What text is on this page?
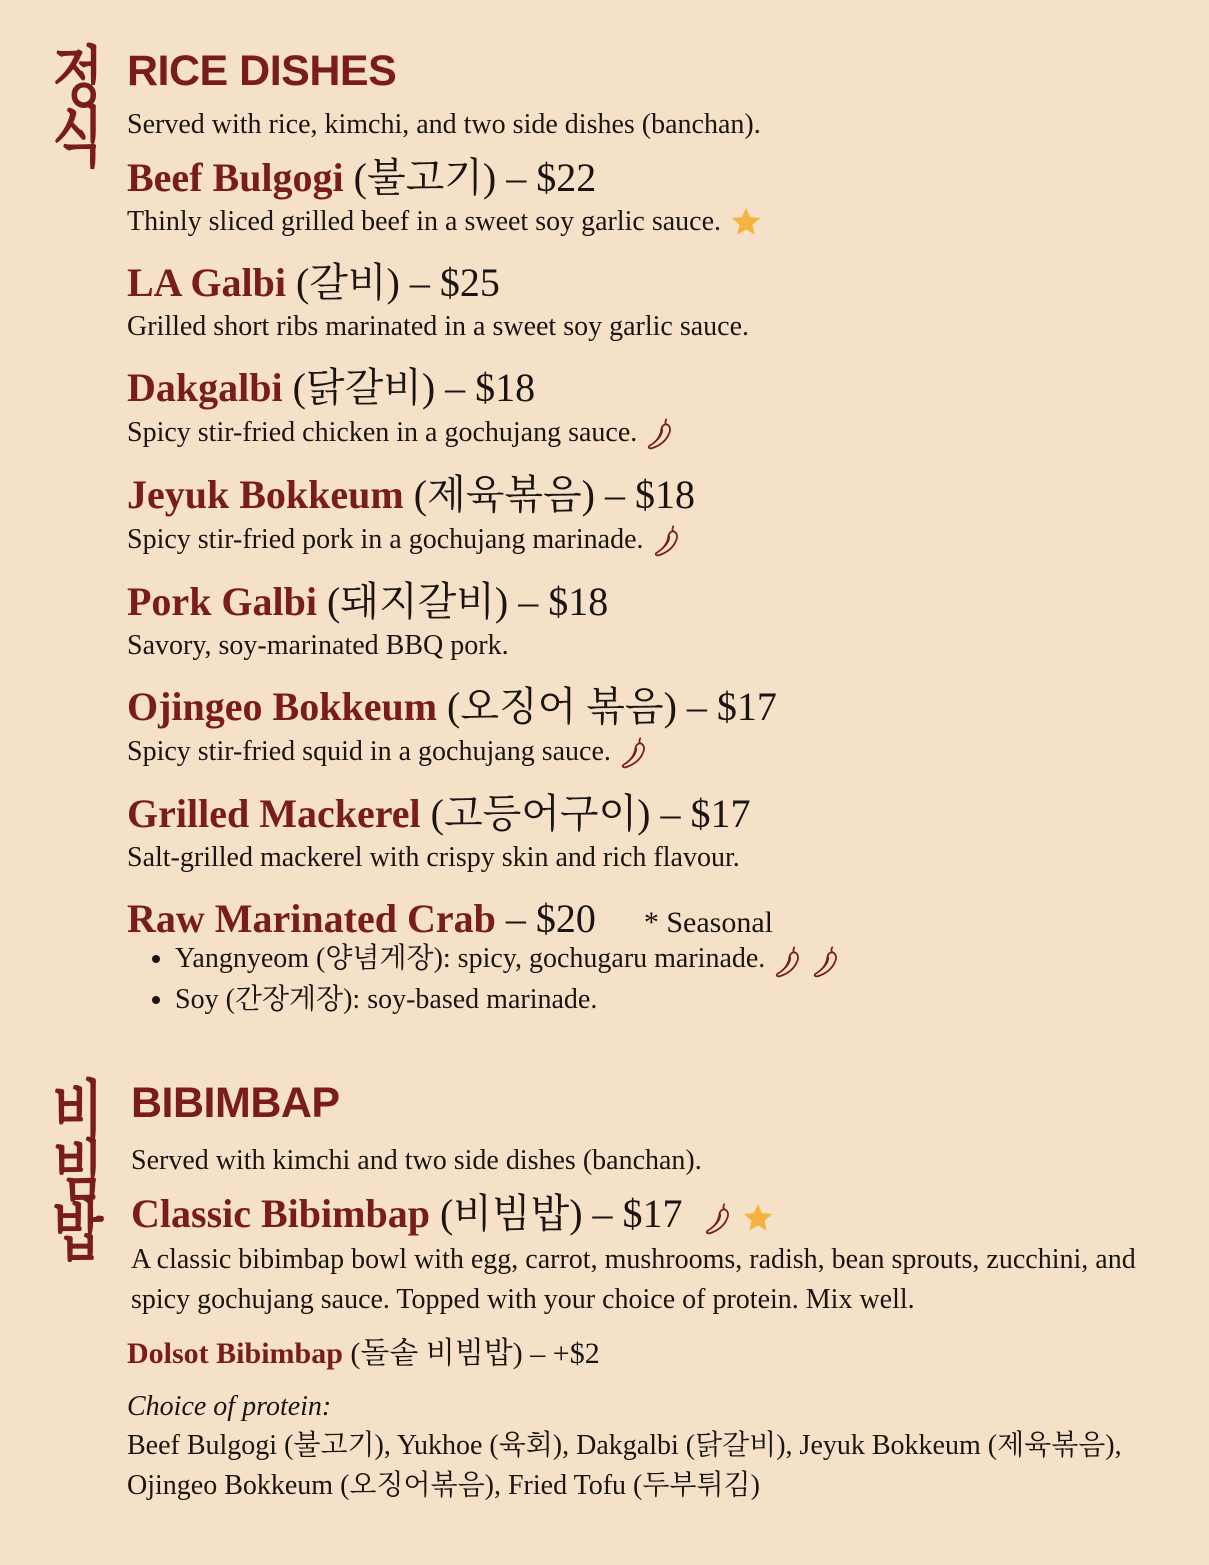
정
식
비
빔
밥
RICE DISHES

Served with rice, kimchi, and two side dishes (banchan).

Beef Bulgogi (불고기) – $22

Thinly sliced grilled beef in a sweet soy garlic sauce.

LA Galbi (갈비) – $25

Grilled short ribs marinated in a sweet soy garlic sauce.

Dakgalbi (닭갈비) – $18

Spicy stir-fried chicken in a gochujang sauce.

Jeyuk Bokkeum (제육볶음) – $18

Spicy stir-fried pork in a gochujang marinade.

Pork Galbi (돼지갈비) – $18

Savory, soy-marinated BBQ pork.

Ojingeo Bokkeum (오징어 볶음) – $17

Spicy stir-fried squid in a gochujang sauce.

Grilled Mackerel (고등어구이) – $17

Salt-grilled mackerel with crispy skin and rich flavour.

Raw Marinated Crab – $20 * Seasonal
• Yangnyeom (양념게장): spicy, gochugaru marinade.
• Soy (간장게장): soy-based marinade.
BIBIMBAP

Served with kimchi and two side dishes (banchan).

Classic Bibimbap (비빔밥) – $17

A classic bibimbap bowl with egg, carrot, mushrooms, radish, bean sprouts, zucchini, and spicy gochujang sauce. Topped with your choice of protein. Mix well.

Dolsot Bibimbap (돌솥 비빔밥) – +$2

Choice of protein:

Beef Bulgogi (불고기), Yukhoe (육회), Dakgalbi (닭갈비), Jeyuk Bokkeum (제육볶음), Ojingeo Bokkeum (오징어볶음), Fried Tofu (두부튀김)
